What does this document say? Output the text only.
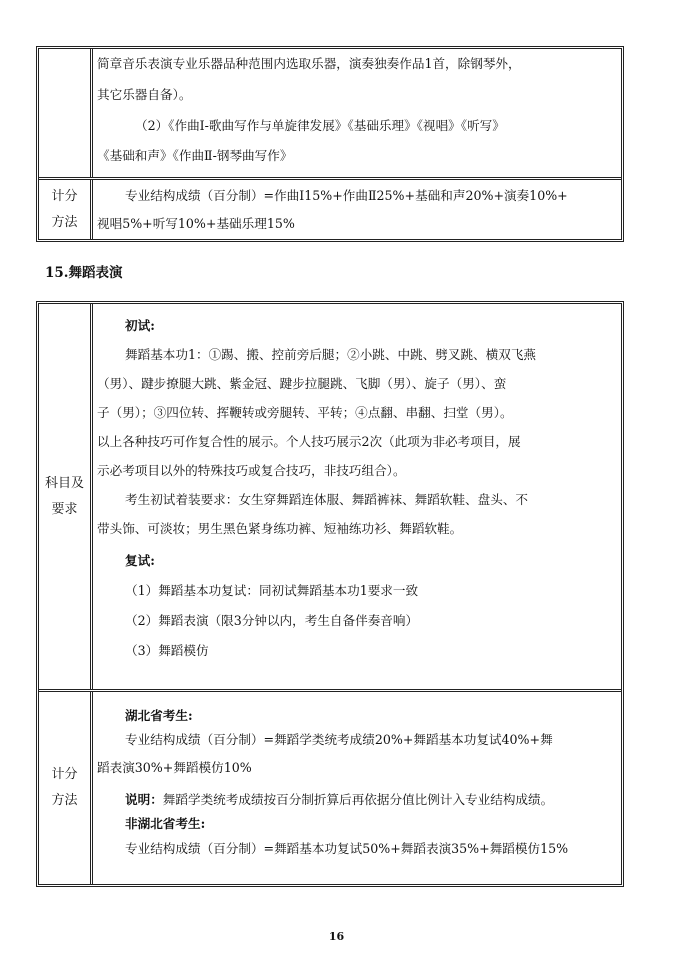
简章音乐表演专业乐器品种范围内选取乐器，演奏独奏作品1首，除钢琴外，
其它乐器自备）。
（2）《作曲Ⅰ-歌曲写作与单旋律发展》《基础乐理》《视唱》《听写》
《基础和声》《作曲Ⅱ-钢琴曲写作》
计分
方法
专业结构成绩（百分制）=作曲Ⅰ15%+作曲Ⅱ25%+基础和声20%+演奏10%+
视唱5%+听写10%+基础乐理15%
15.舞蹈表演
科目及
要求
初试:
舞蹈基本功1：①踢、搬、控前旁后腿；②小跳、中跳、劈叉跳、横双飞燕
（男）、踺步撩腿大跳、紫金冠、踺步拉腿跳、飞脚（男）、旋子（男）、蛮
子（男）；③四位转、挥鞭转或旁腿转、平转；④点翻、串翻、扫堂（男）。
以上各种技巧可作复合性的展示。个人技巧展示2次（此项为非必考项目，展
示必考项目以外的特殊技巧或复合技巧，非技巧组合）。
考生初试着装要求：女生穿舞蹈连体服、舞蹈裤袜、舞蹈软鞋、盘头、不
带头饰、可淡妆；男生黑色紧身练功裤、短袖练功衫、舞蹈软鞋。
复试:
（1）舞蹈基本功复试：同初试舞蹈基本功1要求一致
（2）舞蹈表演（限3分钟以内，考生自备伴奏音响）
（3）舞蹈模仿
计分
方法
湖北省考生:
专业结构成绩（百分制）=舞蹈学类统考成绩20%+舞蹈基本功复试40%+舞
蹈表演30%+舞蹈模仿10%
说明：舞蹈学类统考成绩按百分制折算后再依据分值比例计入专业结构成绩。
非湖北省考生:
专业结构成绩（百分制）=舞蹈基本功复试50%+舞蹈表演35%+舞蹈模仿15%
16
